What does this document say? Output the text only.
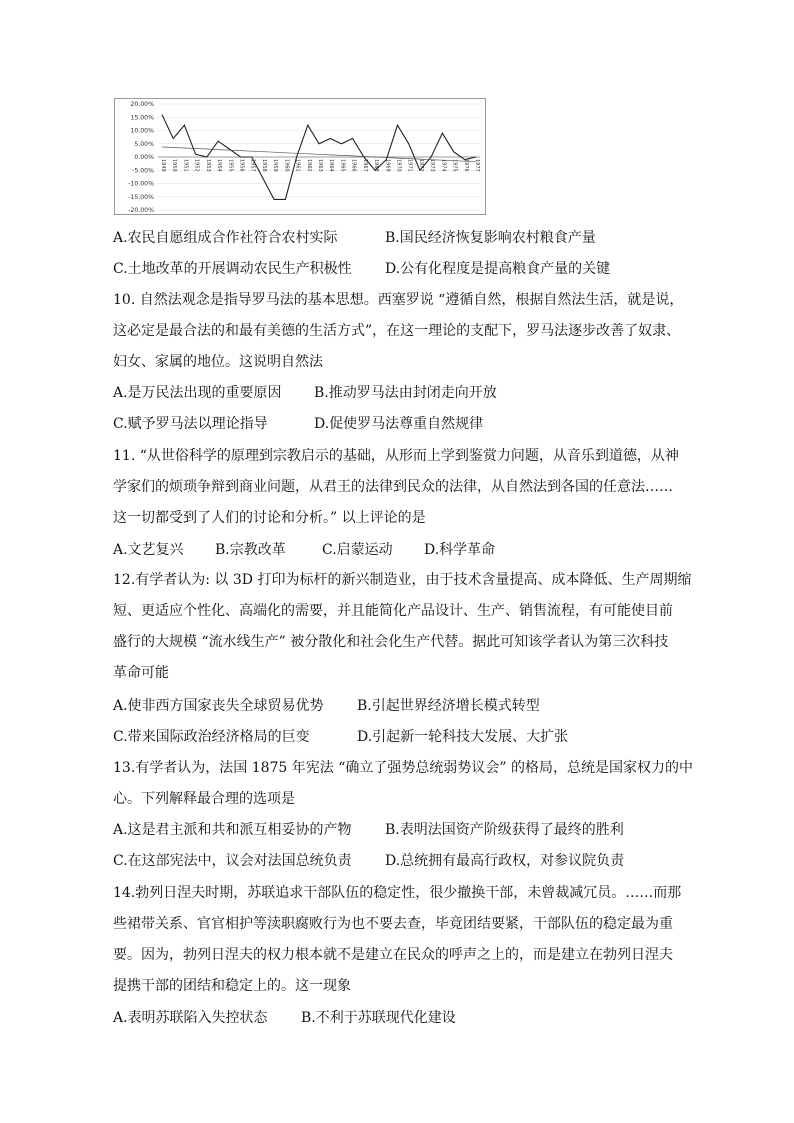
20.00%
15.00%
10.00%
5.00%
0.00%
-5.00%
-10.00%
-15.00%
-20.00%
1949 1950 1951 1952 1953 1954 1955 1956 1957 1958 1959 1960 1961 1962 1963 1964 1965 1966 1967 1968 1969 1970 1971 1972 1973 1974 1975 1976 1977
A.农民自愿组成合作社符合农村实际	B.国民经济恢复影响农村粮食产量
C.土地改革的开展调动农民生产积极性 D.公有化程度是提高粮食产量的关键
10. 自然法观念是指导罗马法的基本思想。西塞罗说 “遵循自然，根据自然法生活，就是说，
这必定是最合法的和最有美德的生活方式”，在这一理论的支配下，罗马法逐步改善了奴隶、
妇女、家属的地位。这说明自然法
A.是万民法出现的重要原因 B.推动罗马法由封闭走向开放
C.赋予罗马法以理论指导	D.促使罗马法尊重自然规律
11. “从世俗科学的原理到宗教启示的基础，从形而上学到鉴赏力问题，从音乐到道德，从神
学家们的烦琐争辩到商业问题，从君王的法律到民众的法律，从自然法到各国的任意法……
这一切都受到了人们的讨论和分析。” 以上评论的是
A.文艺复兴 B.宗教改革	C.启蒙运动 D.科学革命
12.有学者认为: 以 3D 打印为标杆的新兴制造业，由于技术含量提高、成本降低、生产周期缩
短、更适应个性化、高端化的需要，并且能简化产品设计、生产、销售流程，有可能使目前
盛行的大规模 “流水线生产” 被分散化和社会化生产代替。据此可知该学者认为第三次科技
革命可能
A.使非西方国家丧失全球贸易优势 B.引起世界经济增长模式转型
C.带来国际政治经济格局的巨变	D.引起新一轮科技大发展、大扩张
13.有学者认为，法国 1875 年宪法 “确立了强势总统弱势议会” 的格局，总统是国家权力的中
心。下列解释最合理的选项是
A.这是君主派和共和派互相妥协的产物 B.表明法国资产阶级获得了最终的胜利
C.在这部宪法中，议会对法国总统负责 D.总统拥有最高行政权，对参议院负责
14.勃列日涅夫时期，苏联追求干部队伍的稳定性，很少撤换干部，未曾裁减冗员。……而那
些裙带关系、官官相护等渎职腐败行为也不要去查，毕竟团结要紧，干部队伍的稳定最为重
要。因为，勃列日涅夫的权力根本就不是建立在民众的呼声之上的，而是建立在勃列日涅夫
提携干部的团结和稳定上的。这一现象
A.表明苏联陷入失控状态 B.不利于苏联现代化建设
